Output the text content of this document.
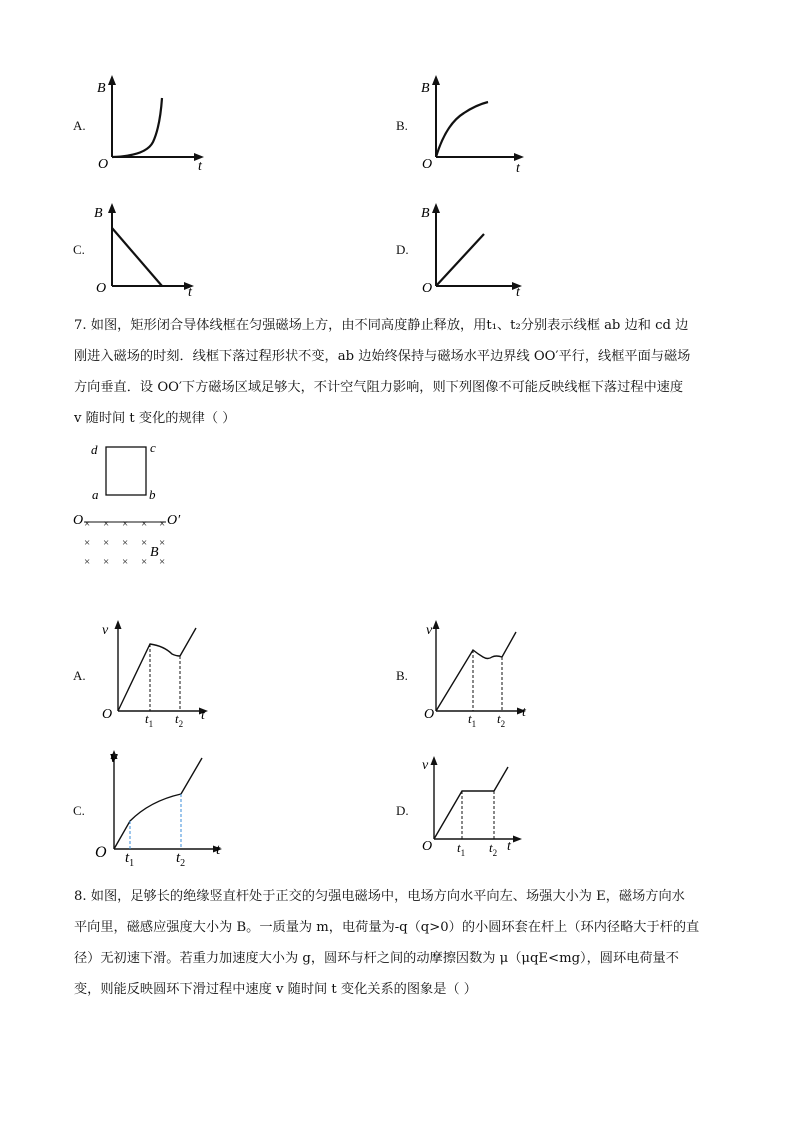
A.
B
O	t
B.
B
O	t
C.
B
O	t
D.
B
O	t
7. 如图，矩形闭合导体线框在匀强磁场上方，由不同高度静止释放，用t₁、t₂分别表示线框 ab 边和 cd 边
刚进入磁场的时刻．线框下落过程形状不变，ab 边始终保持与磁场水平边界线 OO′平行，线框平面与磁场
方向垂直．设 OO′下方磁场区域足够大，不计空气阻力影响，则下列图像不可能反映线框下落过程中速度
v 随时间 t 变化的规律（ ）
d	c
a	b
O	O′
× × × × ×
× × × × ×
× × × × ×
B
A.
v
O	t
$t_1$ $t_2$
B.
v
O	t
$t_1$ $t_2$
C.
v
O	t
$t_1$	$t_2$
D.
v
O	t
$t_1$ $t_2$
8. 如图，足够长的绝缘竖直杆处于正交的匀强电磁场中，电场方向水平向左、场强大小为 E，磁场方向水
平向里，磁感应强度大小为 B。一质量为 m，电荷量为-q（q>0）的小圆环套在杆上（环内径略大于杆的直
径）无初速下滑。若重力加速度大小为 g，圆环与杆之间的动摩擦因数为 μ（μqE<mg），圆环电荷量不
变，则能反映圆环下滑过程中速度 v 随时间 t 变化关系的图象是（ ）
